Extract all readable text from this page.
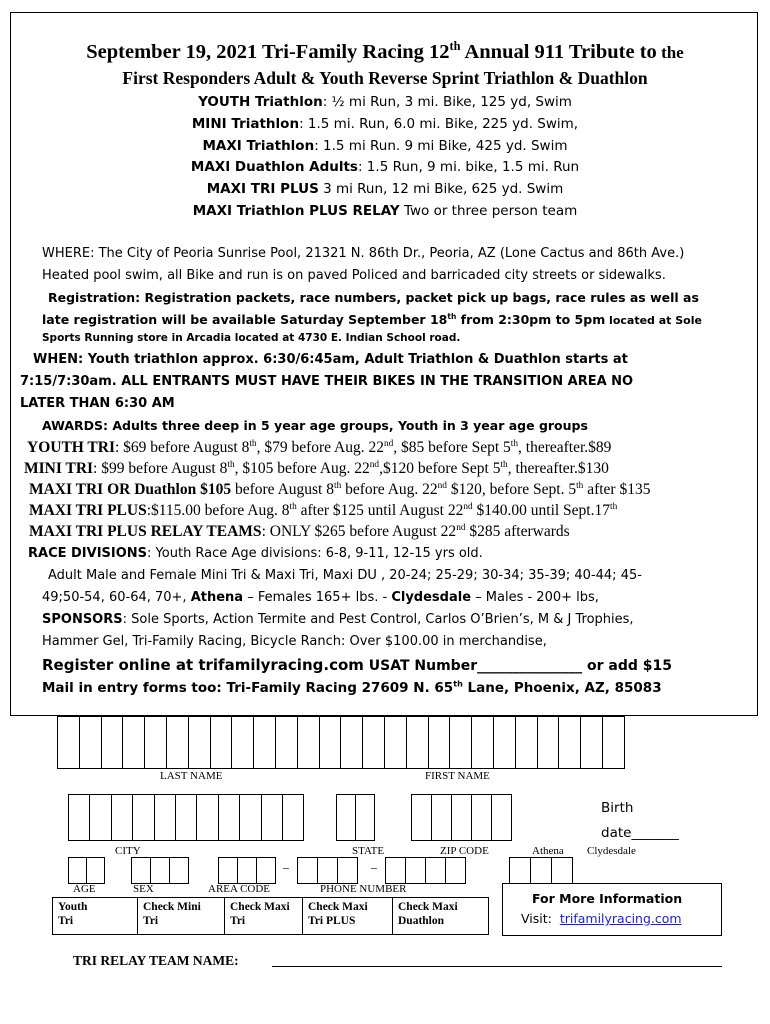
September 19, 2021 Tri-Family Racing 12th Annual 911 Tribute to the
First Responders Adult & Youth Reverse Sprint Triathlon & Duathlon
YOUTH Triathlon: ½ mi Run, 3 mi. Bike, 125 yd, Swim
MINI Triathlon: 1.5 mi. Run, 6.0 mi. Bike, 225 yd. Swim,
MAXI Triathlon: 1.5 mi Run. 9 mi Bike, 425 yd. Swim
MAXI Duathlon Adults: 1.5 Run, 9 mi. bike, 1.5 mi. Run
MAXI TRI PLUS 3 mi Run, 12 mi Bike, 625 yd. Swim
MAXI Triathlon PLUS RELAY Two or three person team
WHERE: The City of Peoria Sunrise Pool, 21321 N. 86th Dr., Peoria, AZ (Lone Cactus and 86th Ave.)
Heated pool swim, all Bike and run is on paved Policed and barricaded city streets or sidewalks.
Registration: Registration packets, race numbers, packet pick up bags, race rules as well as
late registration will be available Saturday September 18th from 2:30pm to 5pm located at Sole
Sports Running store in Arcadia located at 4730 E. Indian School road.
WHEN: Youth triathlon approx. 6:30/6:45am, Adult Triathlon & Duathlon starts at
7:15/7:30am. ALL ENTRANTS MUST HAVE THEIR BIKES IN THE TRANSITION AREA NO
LATER THAN 6:30 AM
AWARDS: Adults three deep in 5 year age groups, Youth in 3 year age groups
YOUTH TRI: $69 before August 8th, $79 before Aug. 22nd, $85 before Sept 5th, thereafter.$89
MINI TRI: $99 before August 8th, $105 before Aug. 22nd,$120 before Sept 5th, thereafter.$130
MAXI TRI OR Duathlon $105 before August 8th before Aug. 22nd $120, before Sept. 5th after $135
MAXI TRI PLUS:$115.00 before Aug. 8th after $125 until August 22nd $140.00 until Sept.17th
MAXI TRI PLUS RELAY TEAMS: ONLY $265 before August 22nd $285 afterwards
RACE DIVISIONS: Youth Race Age divisions: 6-8, 9-11, 12-15 yrs old.
Adult Male and Female Mini Tri & Maxi Tri, Maxi DU , 20-24; 25-29; 30-34; 35-39; 40-44; 45-
49;50-54, 60-64, 70+, Athena – Females 165+ lbs. - Clydesdale – Males - 200+ lbs,
SPONSORS: Sole Sports, Action Termite and Pest Control, Carlos O’Brien’s, M & J Trophies,
Hammer Gel, Tri-Family Racing, Bicycle Ranch: Over $100.00 in merchandise,
Register online at trifamilyracing.com USAT Number_______________ or add $15
Mail in entry forms too: Tri-Family Racing 27609 N. 65th Lane, Phoenix, AZ, 85083
LAST NAME	FIRST NAME
Birth
date_______
CITY	STATE	ZIP CODE	Athena Clydesdale
–	–
AGE	SEX	AREA CODE	PHONE NUMBER
Youth
Tri
Check Mini
Tri
Check Maxi
Tri
Check Maxi
Tri PLUS
Check Maxi
Duathlon
For More Information
Visit: trifamilyracing.com
TRI RELAY TEAM NAME:
